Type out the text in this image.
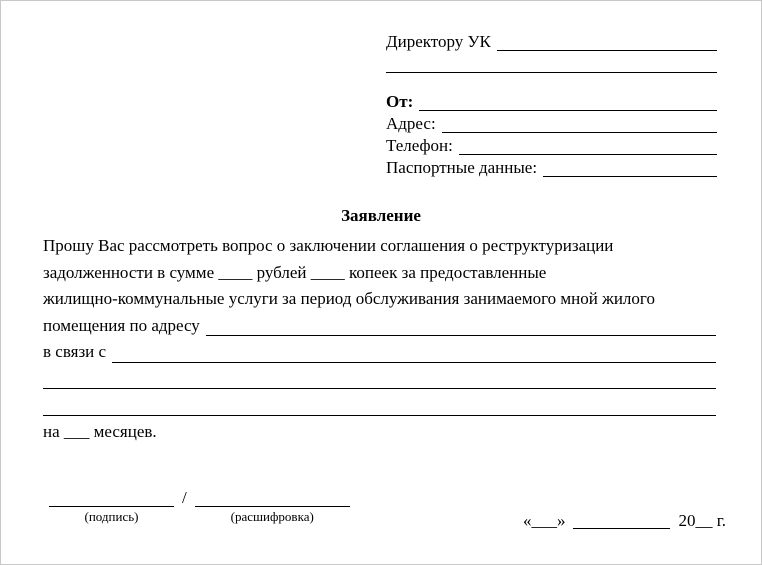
Директору УК
От:
Адрес:
Телефон:
Паспортные данные:
Заявление
Прошу Вас рассмотреть вопрос о заключении соглашения о реструктуризации
задолженности в сумме ____ рублей ____ копеек за предоставленные
жилищно-коммунальные услуги за период обслуживания занимаемого мной жилого
помещения по адресу
в связи с
на ___ месяцев.
(подпись)
/
(расшифровка)	«___»	20__ г.
